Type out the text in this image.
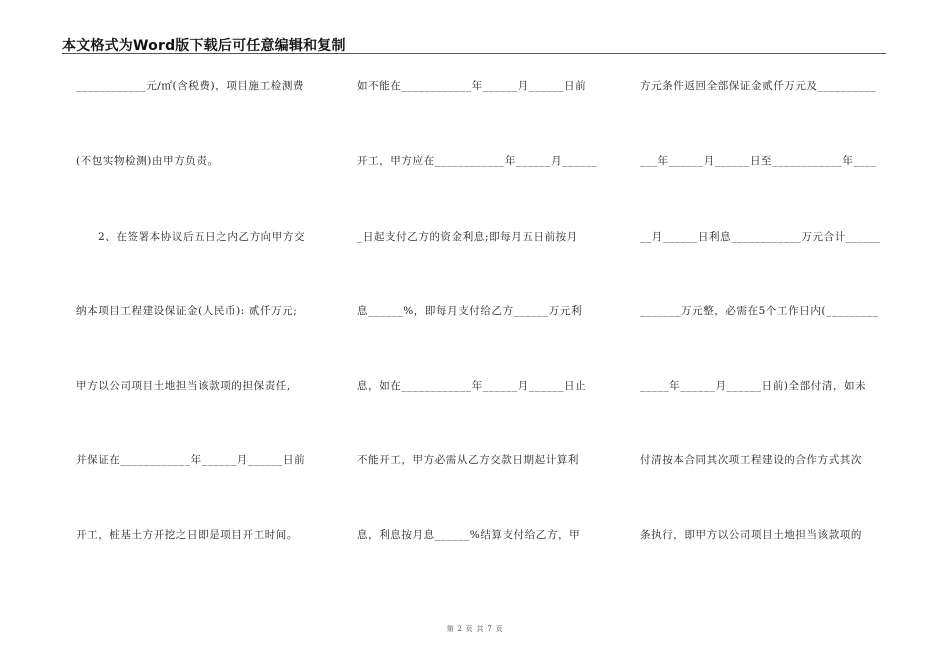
本文格式为Word版下载后可任意编辑和复制
____________元/㎡(含税费)，项目施工检测费
(不包实物检测)由甲方负责。
2、在签署本协议后五日之内乙方向甲方交
纳本项目工程建设保证金(人民币): 贰仟万元;
甲方以公司项目土地担当该款项的担保责任,
并保证在____________年______月______日前
开工，桩基土方开挖之日即是项目开工时间。
如不能在____________年______月______日前
开工，甲方应在____________年______月______
_日起支付乙方的资金利息;即每月五日前按月
息______%，即每月支付给乙方______万元利
息，如在____________年______月______日止
不能开工，甲方必需从乙方交款日期起计算利
息，利息按月息______%结算支付给乙方，甲
方元条件返回全部保证金贰仟万元及__________
___年______月______日至____________年____
__月______日利息____________万元合计______
_______万元整，必需在5个工作日内(_________
_____年______月______日前)全部付清，如未
付清按本合同其次项工程建设的合作方式其次
条执行，即甲方以公司项目土地担当该款项的
第 2 页 共 7 页
